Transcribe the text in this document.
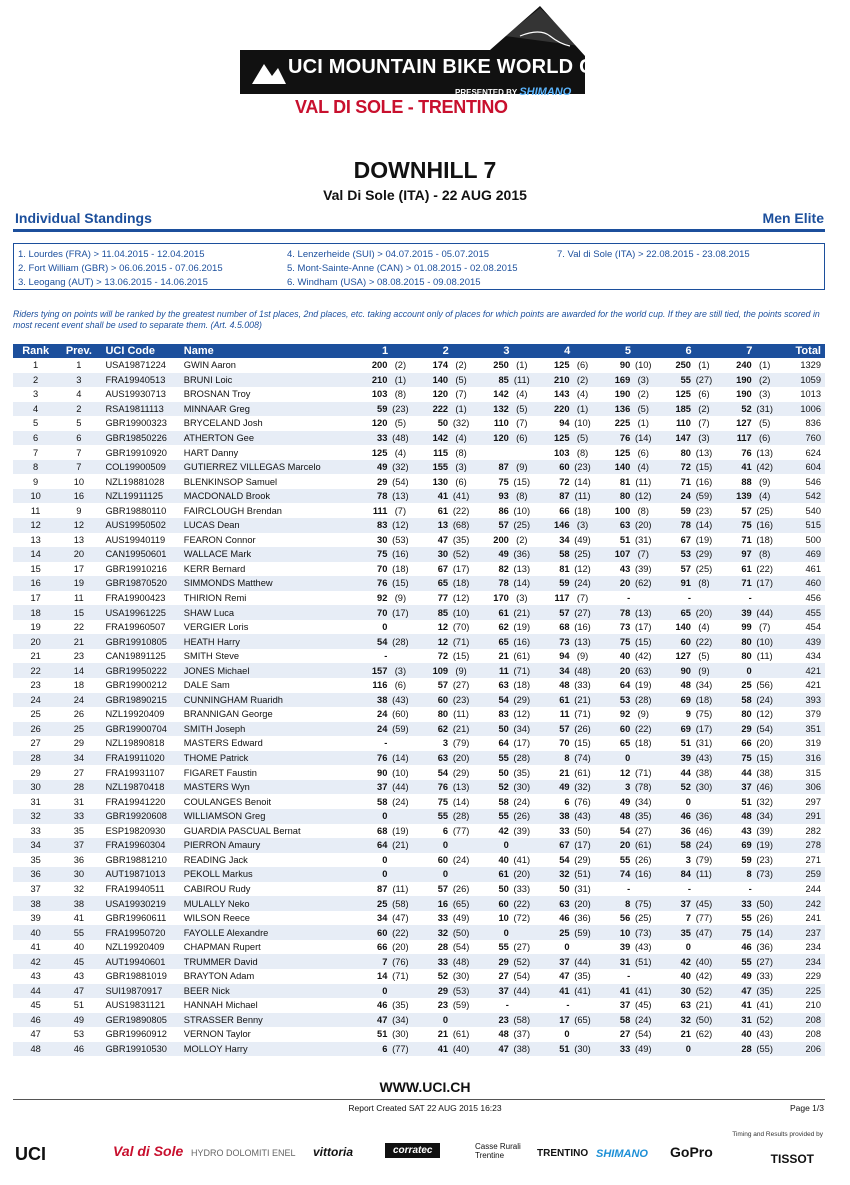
UCI MOUNTAIN BIKE WORLD CUP
PRESENTED BY SHIMANO
VAL DI SOLE - TRENTINO
DOWNHILL 7
Val Di Sole (ITA) - 22 AUG 2015
Individual Standings	Men Elite
1. Lourdes (FRA) > 11.04.2015 - 12.04.2015
2. Fort William (GBR) > 06.06.2015 - 07.06.2015
3. Leogang (AUT) > 13.06.2015 - 14.06.2015
4. Lenzerheide (SUI) > 04.07.2015 - 05.07.2015
5. Mont-Sainte-Anne (CAN) > 01.08.2015 - 02.08.2015
6. Windham (USA) > 08.08.2015 - 09.08.2015
7. Val di Sole (ITA) > 22.08.2015 - 23.08.2015
Riders tying on points will be ranked by the greatest number of 1st places, 2nd places, etc. taking account only of places for which points are awarded for the world cup. If they are still tied, the points scored in most recent event shall be used to separate them. (Art. 4.5.008)
Rank	Prev.	UCI Code	Name	1	2	3	4	5	6	7	Total
1	1	USA19871224	GWIN Aaron	200 (2)	174 (2)	250 (1)	125 (6)	90 (10)	250 (1)	240 (1)	1329
2	3	FRA19940513	BRUNI Loic	210 (1)	140 (5)	85 (11)	210 (2)	169 (3)	55 (27)	190 (2)	1059
3	4	AUS19930713	BROSNAN Troy	103 (8)	120 (7)	142 (4)	143 (4)	190 (2)	125 (6)	190 (3)	1013
4	2	RSA19811113	MINNAAR Greg	59 (23)	222 (1)	132 (5)	220 (1)	136 (5)	185 (2)	52 (31)	1006
5	5	GBR19900323	BRYCELAND Josh	120 (5)	50 (32)	110 (7)	94 (10)	225 (1)	110 (7)	127 (5)	836
6	6	GBR19850226	ATHERTON Gee	33 (48)	142 (4)	120 (6)	125 (5)	76 (14)	147 (3)	117 (6)	760
7	7	GBR19910920	HART Danny	125 (4)	115 (8)		103 (8)	125 (6)	80 (13)	76 (13)	624
8	7	COL19900509	GUTIERREZ VILLEGAS Marcelo	49 (32)	155 (3)	87 (9)	60 (23)	140 (4)	72 (15)	41 (42)	604
9	10	NZL19881028	BLENKINSOP Samuel	29 (54)	130 (6)	75 (15)	72 (14)	81 (11)	71 (16)	88 (9)	546
10	16	NZL19911125	MACDONALD Brook	78 (13)	41 (41)	93 (8)	87 (11)	80 (12)	24 (59)	139 (4)	542
11	9	GBR19880110	FAIRCLOUGH Brendan	111 (7)	61 (22)	86 (10)	66 (18)	100 (8)	59 (23)	57 (25)	540
12	12	AUS19950502	LUCAS Dean	83 (12)	13 (68)	57 (25)	146 (3)	63 (20)	78 (14)	75 (16)	515
13	13	AUS19940119	FEARON Connor	30 (53)	47 (35)	200 (2)	34 (49)	51 (31)	67 (19)	71 (18)	500
14	20	CAN19950601	WALLACE Mark	75 (16)	30 (52)	49 (36)	58 (25)	107 (7)	53 (29)	97 (8)	469
15	17	GBR19910216	KERR Bernard	70 (18)	67 (17)	82 (13)	81 (12)	43 (39)	57 (25)	61 (22)	461
16	19	GBR19870520	SIMMONDS Matthew	76 (15)	65 (18)	78 (14)	59 (24)	20 (62)	91 (8)	71 (17)	460
17	11	FRA19900423	THIRION Remi	92 (9)	77 (12)	170 (3)	117 (7)	-	-	-	456
18	15	USA19961225	SHAW Luca	70 (17)	85 (10)	61 (21)	57 (27)	78 (13)	65 (20)	39 (44)	455
19	22	FRA19960507	VERGIER Loris	0	12 (70)	62 (19)	68 (16)	73 (17)	140 (4)	99 (7)	454
20	21	GBR19910805	HEATH Harry	54 (28)	12 (71)	65 (16)	73 (13)	75 (15)	60 (22)	80 (10)	439
21	23	CAN19891125	SMITH Steve	-	72 (15)	21 (61)	94 (9)	40 (42)	127 (5)	80 (11)	434
22	14	GBR19950222	JONES Michael	157 (3)	109 (9)	11 (71)	34 (48)	20 (63)	90 (9)	0	421
23	18	GBR19900212	DALE Sam	116 (6)	57 (27)	63 (18)	48 (33)	64 (19)	48 (34)	25 (56)	421
24	24	GBR19890215	CUNNINGHAM Ruaridh	38 (43)	60 (23)	54 (29)	61 (21)	53 (28)	69 (18)	58 (24)	393
25	26	NZL19920409	BRANNIGAN George	24 (60)	80 (11)	83 (12)	11 (71)	92 (9)	9 (75)	80 (12)	379
26	25	GBR19900704	SMITH Joseph	24 (59)	62 (21)	50 (34)	57 (26)	60 (22)	69 (17)	29 (54)	351
27	29	NZL19890818	MASTERS Edward	-	3 (79)	64 (17)	70 (15)	65 (18)	51 (31)	66 (20)	319
28	34	FRA19911020	THOME Patrick	76 (14)	63 (20)	55 (28)	8 (74)	0	39 (43)	75 (15)	316
29	27	FRA19931107	FIGARET Faustin	90 (10)	54 (29)	50 (35)	21 (61)	12 (71)	44 (38)	44 (38)	315
30	28	NZL19870418	MASTERS Wyn	37 (44)	76 (13)	52 (30)	49 (32)	3 (78)	52 (30)	37 (46)	306
31	31	FRA19941220	COULANGES Benoit	58 (24)	75 (14)	58 (24)	6 (76)	49 (34)	0	51 (32)	297
32	33	GBR19920608	WILLIAMSON Greg	0	55 (28)	55 (26)	38 (43)	48 (35)	46 (36)	48 (34)	291
33	35	ESP19820930	GUARDIA PASCUAL Bernat	68 (19)	6 (77)	42 (39)	33 (50)	54 (27)	36 (46)	43 (39)	282
34	37	FRA19960304	PIERRON Amaury	64 (21)	0	0	67 (17)	20 (61)	58 (24)	69 (19)	278
35	36	GBR19881210	READING Jack	0	60 (24)	40 (41)	54 (29)	55 (26)	3 (79)	59 (23)	271
36	30	AUT19871013	PEKOLL Markus	0	0	61 (20)	32 (51)	74 (16)	84 (11)	8 (73)	259
37	32	FRA19940511	CABIROU Rudy	87 (11)	57 (26)	50 (33)	50 (31)	-	-	-	244
38	38	USA19930219	MULALLY Neko	25 (58)	16 (65)	60 (22)	63 (20)	8 (75)	37 (45)	33 (50)	242
39	41	GBR19960611	WILSON Reece	34 (47)	33 (49)	10 (72)	46 (36)	56 (25)	7 (77)	55 (26)	241
40	55	FRA19950720	FAYOLLE Alexandre	60 (22)	32 (50)	0	25 (59)	10 (73)	35 (47)	75 (14)	237
41	40	NZL19920409	CHAPMAN Rupert	66 (20)	28 (54)	55 (27)	0	39 (43)	0	46 (36)	234
42	45	AUT19940601	TRUMMER David	7 (76)	33 (48)	29 (52)	37 (44)	31 (51)	42 (40)	55 (27)	234
43	43	GBR19881019	BRAYTON Adam	14 (71)	52 (30)	27 (54)	47 (35)	-	40 (42)	49 (33)	229
44	47	SUI19870917	BEER Nick	0	29 (53)	37 (44)	41 (41)	41 (41)	30 (52)	47 (35)	225
45	51	AUS19831121	HANNAH Michael	46 (35)	23 (59)	-	-	37 (45)	63 (21)	41 (41)	210
46	49	GER19890805	STRASSER Benny	47 (34)	0	23 (58)	17 (65)	58 (24)	32 (50)	31 (52)	208
47	53	GBR19960912	VERNON Taylor	51 (30)	21 (61)	48 (37)	0	27 (54)	21 (62)	40 (43)	208
48	46	GBR19910530	MOLLOY Harry	6 (77)	41 (40)	47 (38)	51 (30)	33 (49)	0	28 (55)	206
WWW.UCI.CH
Report Created SAT 22 AUG 2015 16:23	Page 1/3
UCI	Val di Sole HYDRO DOLOMITI ENEL vittoria	corratec	Casse Rurali Trentine	TRENTINO SHIMANO GoPro
Timing and Results provided by
TISSOT
